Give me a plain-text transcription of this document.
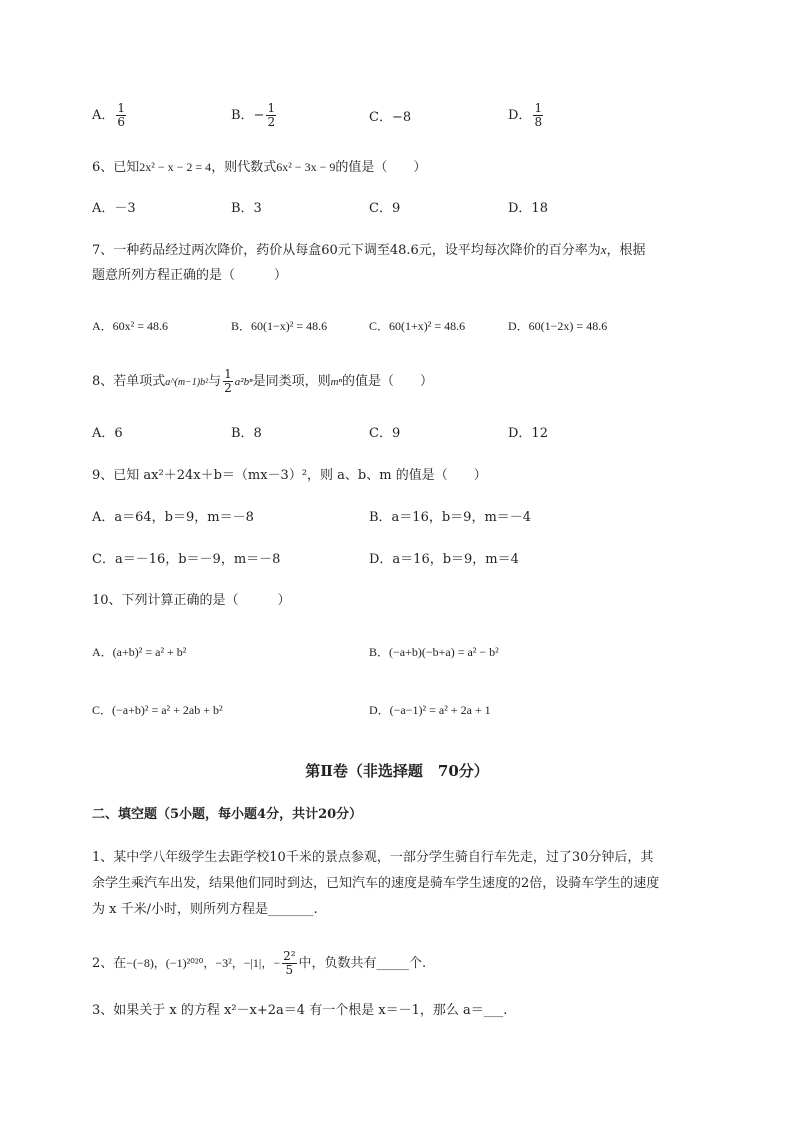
A． $\frac{1}{6}$	B．− $\frac{1}{2}$	C．−8	D． $\frac{1}{8}$
6、已知2x² − x − 2 = 4，则代数式6x² − 3x − 9的值是（　　）
A．－3	B．3	C．9	D．18
7、一种药品经过两次降价，药价从每盒60元下调至48.6元，设平均每次降价的百分率为x，根据
题意所列方程正确的是（　　　）
A．60x² = 48.6	B．60(1−x)² = 48.6	C．60(1+x)² = 48.6	D．60(1−2x) = 48.6
8、若单项式a^(m−1)b²与 $\frac{1}{2} a^2b^n$是同类项，则mⁿ的值是（　　）
A．6	B．8	C．9	D．12
9、已知 ax²＋24x＋b＝（mx－3）²，则 a、b、m 的值是（　　）
A．a＝64，b＝9，m＝－8	B．a＝16，b＝9，m＝－4
C．a＝－16，b＝－9，m＝－8	D．a＝16，b＝9，m＝4
10、下列计算正确的是（　　　）
A．(a+b)² = a² + b²	B．(−a+b)(−b+a) = a² − b²
C．(−a+b)² = a² + 2ab + b²	D．(−a−1)² = a² + 2a + 1
第Ⅱ卷（非选择题　70分）
二、填空题（5小题，每小题4分，共计20分）
1、某中学八年级学生去距学校10千米的景点参观，一部分学生骑自行车先走，过了30分钟后，其
余学生乘汽车出发，结果他们同时到达，已知汽车的速度是骑车学生速度的2倍，设骑车学生的速度
为 x 千米/小时，则所列方程是_______.
2、在−(−8)，(−1)²⁰²⁰，−3²，−|1|，− $\frac{\text{2²}}{5}$ 中，负数共有_____个.
3、如果关于 x 的方程 x²－x+2a＝4 有一个根是 x＝－1，那么 a＝___.
